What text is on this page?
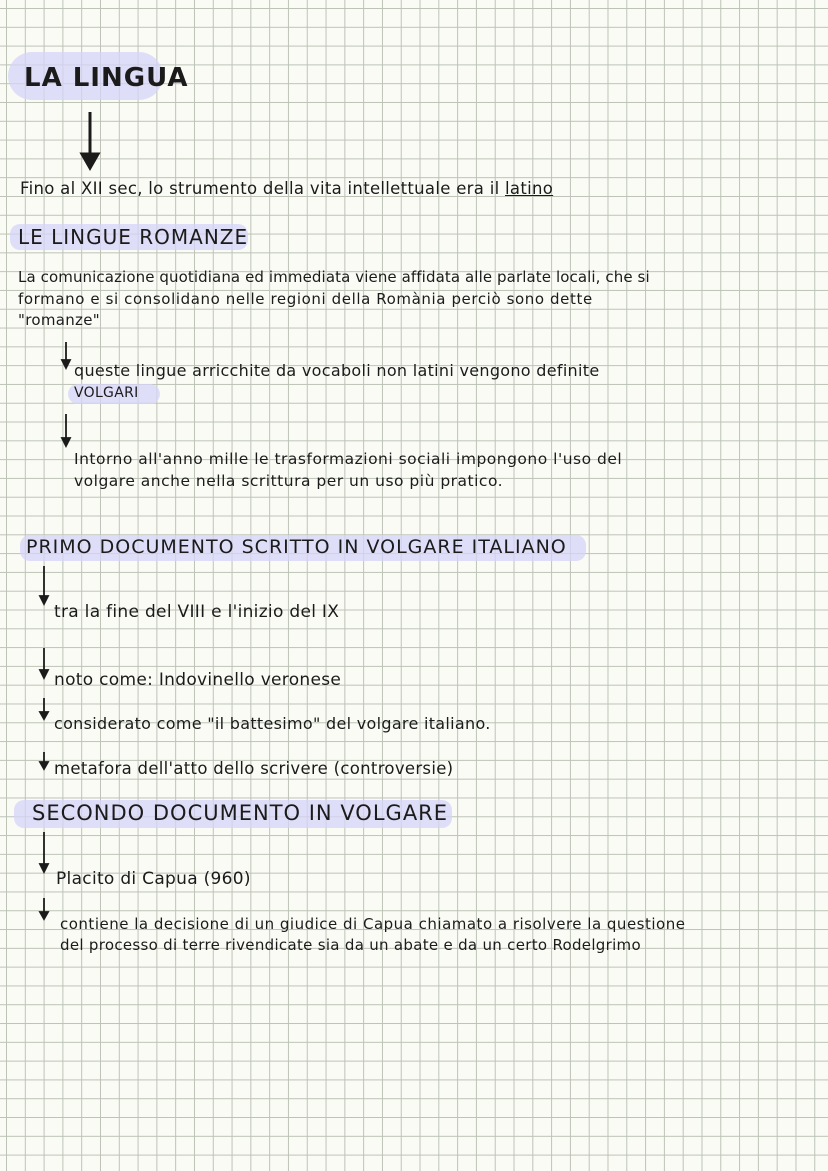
LA LINGUA
Fino al XII sec, lo strumento della vita intellettuale era il latino
LE LINGUE ROMANZE
La comunicazione quotidiana ed immediata viene affidata alle parlate locali, che si
formano e si consolidano nelle regioni della Romània perciò sono dette
"romanze"
queste lingue arricchite da vocaboli non latini vengono definite
VOLGARI
Intorno all'anno mille le trasformazioni sociali impongono l'uso del
volgare anche nella scrittura per un uso più pratico.
PRIMO DOCUMENTO SCRITTO IN VOLGARE ITALIANO
tra la fine del VIII e l'inizio del IX
noto come: Indovinello veronese
considerato come "il battesimo" del volgare italiano.
metafora dell'atto dello scrivere (controversie)
SECONDO DOCUMENTO IN VOLGARE
Placito di Capua (960)
contiene la decisione di un giudice di Capua chiamato a risolvere la questione
del processo di terre rivendicate sia da un abate e da un certo Rodelgrimo
